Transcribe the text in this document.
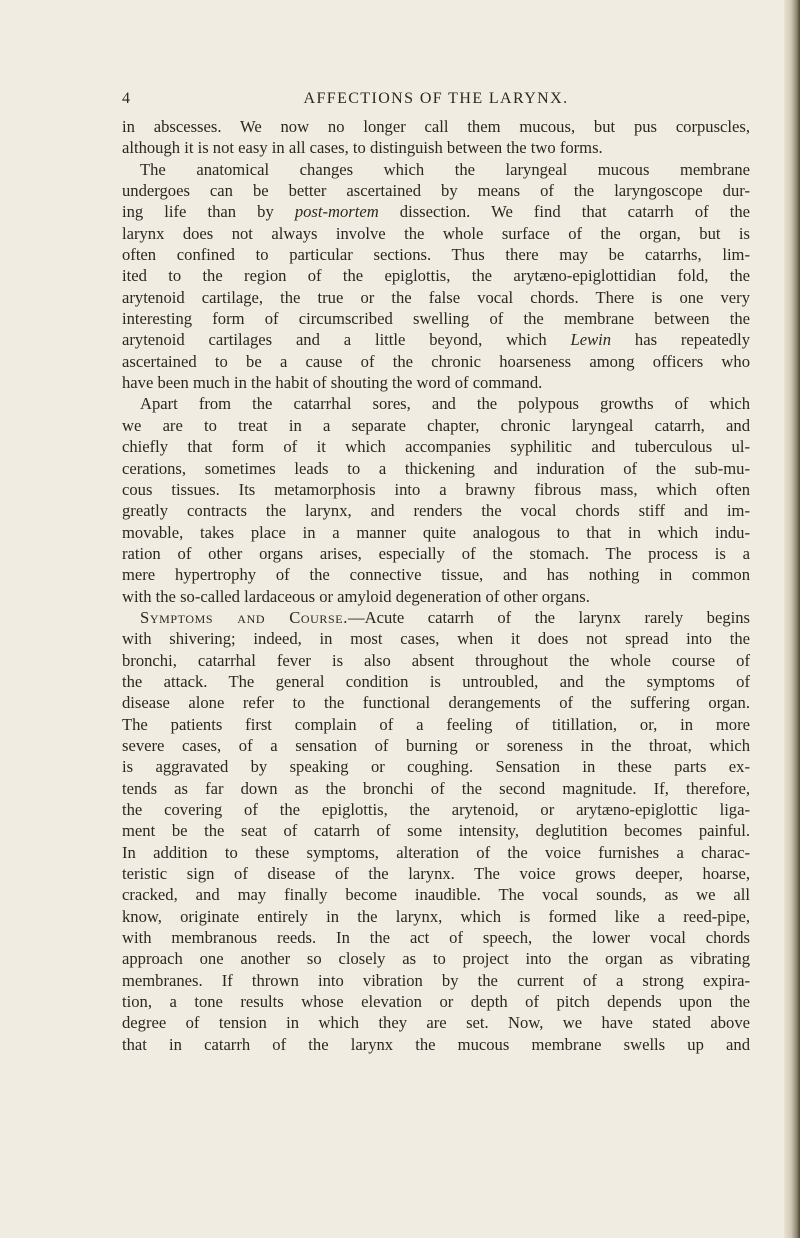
4	AFFECTIONS OF THE LARYNX.
in abscesses. We now no longer call them mucous, but pus corpuscles,
although it is not easy in all cases, to distinguish between the two forms.
The anatomical changes which the laryngeal mucous membrane
undergoes can be better ascertained by means of the laryngoscope dur-
ing life than by post-mortem dissection. We find that catarrh of the
larynx does not always involve the whole surface of the organ, but is
often confined to particular sections. Thus there may be catarrhs, lim-
ited to the region of the epiglottis, the arytæno-epiglottidian fold, the
arytenoid cartilage, the true or the false vocal chords. There is one very
interesting form of circumscribed swelling of the membrane between the
arytenoid cartilages and a little beyond, which Lewin has repeatedly
ascertained to be a cause of the chronic hoarseness among officers who
have been much in the habit of shouting the word of command.
Apart from the catarrhal sores, and the polypous growths of which
we are to treat in a separate chapter, chronic laryngeal catarrh, and
chiefly that form of it which accompanies syphilitic and tuberculous ul-
cerations, sometimes leads to a thickening and induration of the sub-mu-
cous tissues. Its metamorphosis into a brawny fibrous mass, which often
greatly contracts the larynx, and renders the vocal chords stiff and im-
movable, takes place in a manner quite analogous to that in which indu-
ration of other organs arises, especially of the stomach. The process is a
mere hypertrophy of the connective tissue, and has nothing in common
with the so-called lardaceous or amyloid degeneration of other organs.
Symptoms and Course.—Acute catarrh of the larynx rarely begins
with shivering; indeed, in most cases, when it does not spread into the
bronchi, catarrhal fever is also absent throughout the whole course of
the attack. The general condition is untroubled, and the symptoms of
disease alone refer to the functional derangements of the suffering organ.
The patients first complain of a feeling of titillation, or, in more
severe cases, of a sensation of burning or soreness in the throat, which
is aggravated by speaking or coughing. Sensation in these parts ex-
tends as far down as the bronchi of the second magnitude. If, therefore,
the covering of the epiglottis, the arytenoid, or arytæno-epiglottic liga-
ment be the seat of catarrh of some intensity, deglutition becomes painful.
In addition to these symptoms, alteration of the voice furnishes a charac-
teristic sign of disease of the larynx. The voice grows deeper, hoarse,
cracked, and may finally become inaudible. The vocal sounds, as we all
know, originate entirely in the larynx, which is formed like a reed-pipe,
with membranous reeds. In the act of speech, the lower vocal chords
approach one another so closely as to project into the organ as vibrating
membranes. If thrown into vibration by the current of a strong expira-
tion, a tone results whose elevation or depth of pitch depends upon the
degree of tension in which they are set. Now, we have stated above
that in catarrh of the larynx the mucous membrane swells up and
